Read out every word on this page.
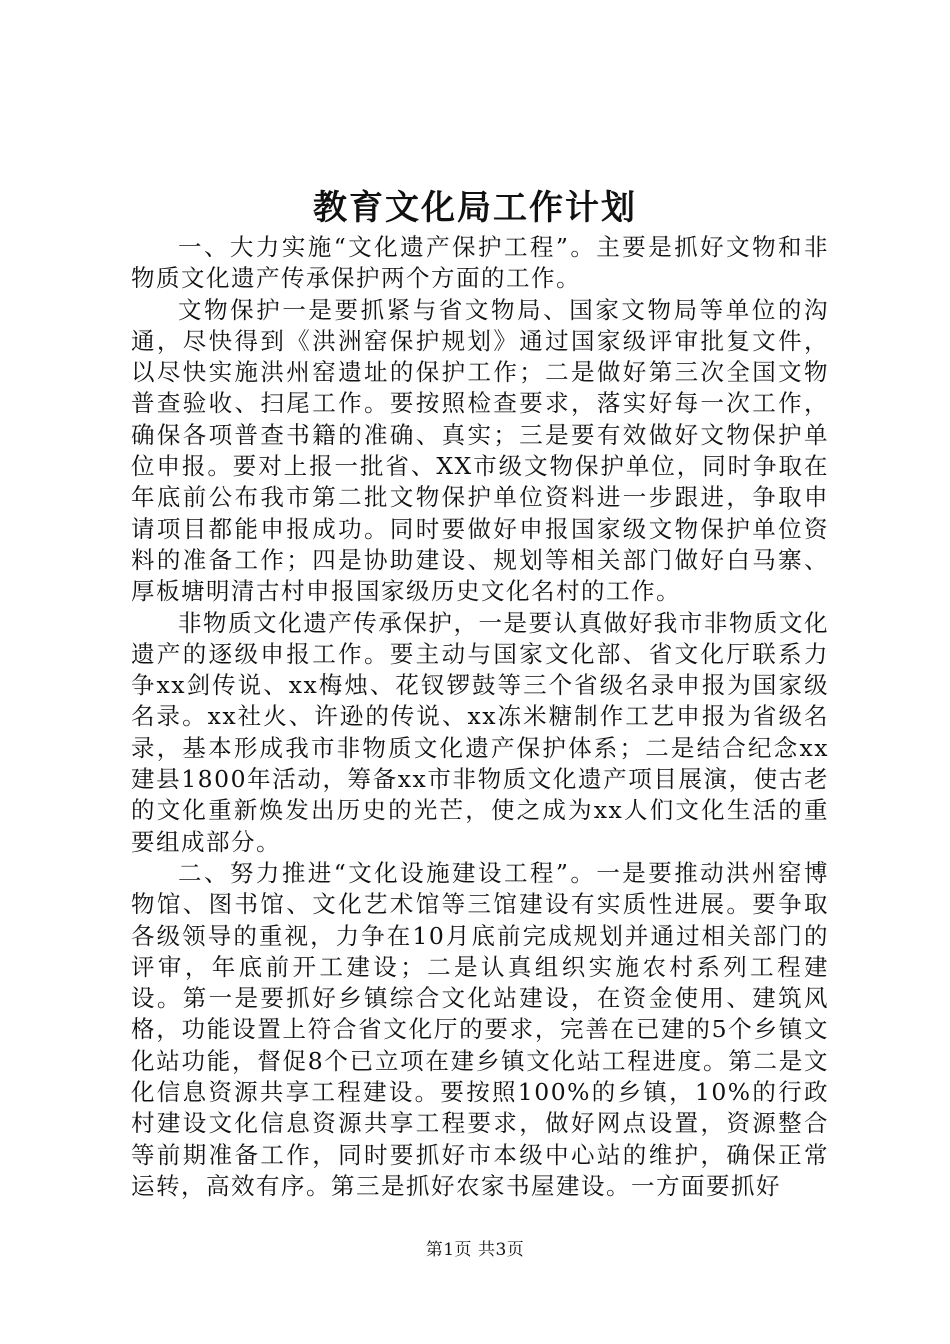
教育文化局工作计划

一、大力实施“文化遗产保护工程”。主要是抓好文物和非物质文化遗产传承保护两个方面的工作。

文物保护一是要抓紧与省文物局、国家文物局等单位的沟通，尽快得到《洪洲窑保护规划》通过国家级评审批复文件，以尽快实施洪州窑遗址的保护工作；二是做好第三次全国文物普查验收、扫尾工作。要按照检查要求，落实好每一次工作，确保各项普查书籍的准确、真实；三是要有效做好文物保护单位申报。要对上报一批省、XX市级文物保护单位，同时争取在年底前公布我市第二批文物保护单位资料进一步跟进，争取申请项目都能申报成功。同时要做好申报国家级文物保护单位资料的准备工作；四是协助建设、规划等相关部门做好白马寨、厚板塘明清古村申报国家级历史文化名村的工作。

非物质文化遗产传承保护，一是要认真做好我市非物质文化遗产的逐级申报工作。要主动与国家文化部、省文化厅联系力争xx剑传说、xx梅烛、花钗锣鼓等三个省级名录申报为国家级名录。xx社火、许逊的传说、xx冻米糖制作工艺申报为省级名录，基本形成我市非物质文化遗产保护体系；二是结合纪念xx建县1800年活动，筹备xx市非物质文化遗产项目展演，使古老的文化重新焕发出历史的光芒，使之成为xx人们文化生活的重要组成部分。

二、努力推进“文化设施建设工程”。一是要推动洪州窑博物馆、图书馆、文化艺术馆等三馆建设有实质性进展。要争取各级领导的重视，力争在10月底前完成规划并通过相关部门的评审，年底前开工建设；二是认真组织实施农村系列工程建设。第一是要抓好乡镇综合文化站建设，在资金使用、建筑风格，功能设置上符合省文化厅的要求，完善在已建的5个乡镇文化站功能，督促8个已立项在建乡镇文化站工程进度。第二是文化信息资源共享工程建设。要按照100%的乡镇，10%的行政村建设文化信息资源共享工程要求，做好网点设置，资源整合等前期准备工作，同时要抓好市本级中心站的维护，确保正常运转，高效有序。第三是抓好农家书屋建设。一方面要抓好

第1页 共3页
